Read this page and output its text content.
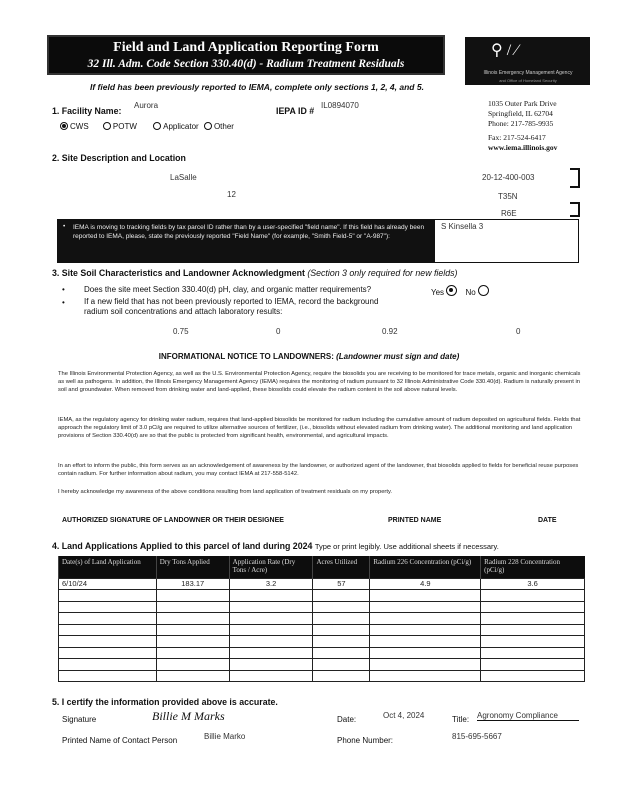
Field and Land Application Reporting Form
32 Ill. Adm. Code Section 330.40(d) - Radium Treatment Residuals
⚲ / ⁄
Illinois Emergency Management Agency
and Office of Homeland Security
If field has been previously reported to IEMA, complete only sections 1, 2, 4, and 5.
1035 Outer Park Drive
Springfield, IL 62704
Phone: 217-785-9935
Fax: 217-524-6417
www.iema.illinois.gov
1. Facility Name:
Aurora
IEPA ID #
IL0894070
CWS	POTW	Applicator Other
2. Site Description and Location
LaSalle
12
20-12-400-003
T35N
R6E
• IEMA is moving to tracking fields by tax parcel ID rather than by a user-specified "field name". If this field has already been reported to IEMA, please, state the previously reported "Field Name" (for example, "Smith Field-5" or "A-987"):
S Kinsella 3
3. Site Soil Characteristics and Landowner Acknowledgment (Section 3 only required for new fields)
• Does the site meet Section 330.40(d) pH, clay, and organic matter requirements?	Yes	No
• If a new field that has not been previously reported to IEMA, record the background radium soil concentrations and attach laboratory results:
0.75	0	0.92	0
INFORMATIONAL NOTICE TO LANDOWNERS: (Landowner must sign and date)
The Illinois Environmental Protection Agency, as well as the U.S. Environmental Protection Agency, require the biosolids you are receiving to be monitored for trace metals, organic and inorganic chemicals as well as pathogens. In addition, the Illinois Emergency Management Agency (IEMA) requires the monitoring of radium pursuant to 32 Illinois Administrative Code 330.40(d). Radium is naturally present in soil and groundwater. When removed from drinking water and land-applied, these biosolids could elevate the radium content in the soil above natural levels.
IEMA, as the regulatory agency for drinking water radium, requires that land-applied biosolids be monitored for radium including the cumulative amount of radium deposited on agricultural fields. Fields that approach the regulatory limit of 3.0 pCi/g are required to utilize alternative sources of fertilizer, (i.e., biosolids without elevated radium from drinking water). The additional monitoring and land application provisions of Section 330.40(d) are so that the public is protected from significant health, environmental, and agricultural impacts.
In an effort to inform the public, this form serves as an acknowledgement of awareness by the landowner, or authorized agent of the landowner, that biosolids applied to fields for beneficial reuse purposes contain radium. For further information about radium, you may contact IEMA at 217-558-5142.
I hereby acknowledge my awareness of the above conditions resulting from land application of treatment residuals on my property.
AUTHORIZED SIGNATURE OF LANDOWNER OR THEIR DESIGNEE	PRINTED NAME	DATE
4. Land Applications Applied to this parcel of land during 2024 Type or print legibly. Use additional sheets if necessary.
Date(s) of Land Application	Dry Tons Applied	Application Rate (Dry Tons / Acre)	Acres Utilized	Radium 226 Concentration (pCi/g)	Radium 228 Concentration (pCi/g)
6/10/24	183.17	3.2	57	4.9	3.6

5. I certify the information provided above is accurate.
Signature	Billie M Marks	Date:	Oct 4, 2024	Title: Agronomy Compliance
Printed Name of Contact Person	Billie Marko	Phone Number:	815-695-5667
